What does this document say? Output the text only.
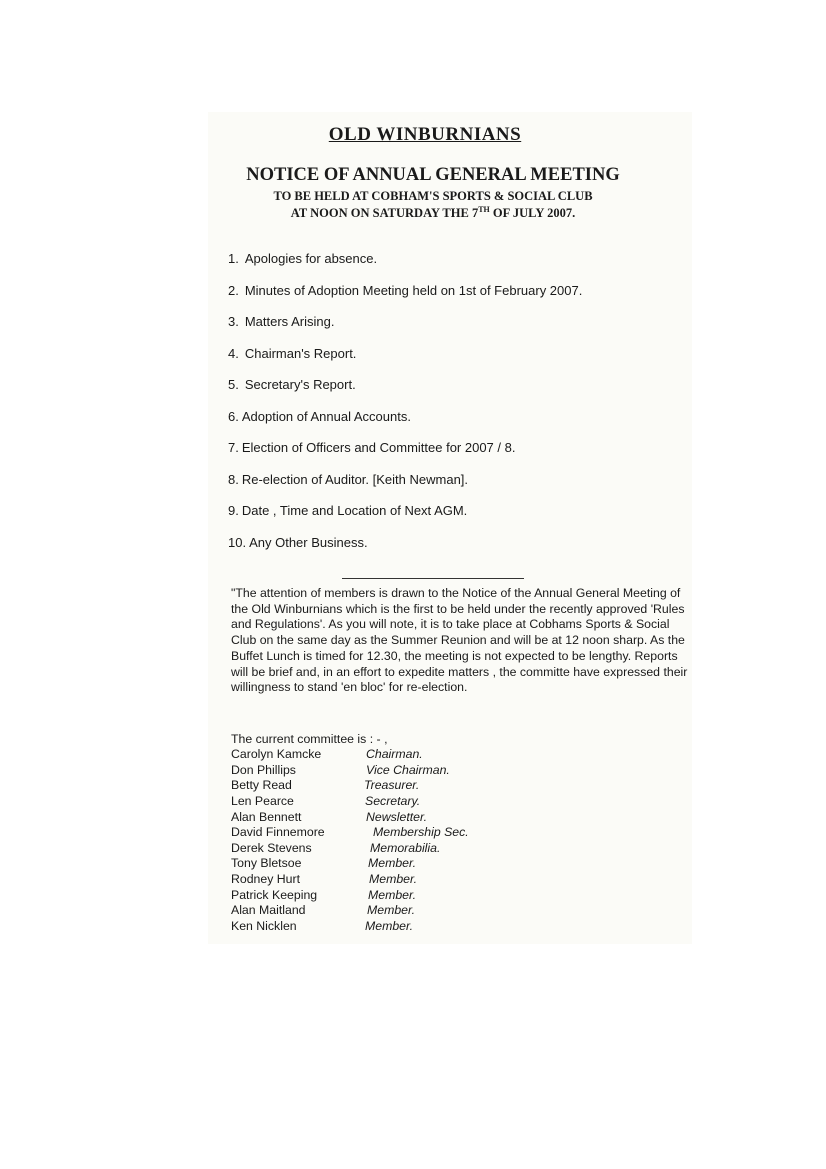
OLD WINBURNIANS
NOTICE OF ANNUAL GENERAL MEETING
TO BE HELD AT COBHAM'S SPORTS & SOCIAL CLUB
AT NOON ON SATURDAY THE 7TH OF JULY 2007.
1. Apologies for absence.
2. Minutes of Adoption Meeting held on 1st of February 2007.
3. Matters Arising.
4. Chairman's Report.
5. Secretary's Report.
6. Adoption of Annual Accounts.
7. Election of Officers and Committee for 2007 / 8.
8. Re-election of Auditor. [Keith Newman].
9. Date , Time and Location of Next AGM.
10. Any Other Business.

"The attention of members is drawn to the Notice of the Annual General Meeting of the Old Winburnians which is the first to be held under the recently approved 'Rules and Regulations'. As you will note, it is to take place at Cobhams Sports & Social Club on the same day as the Summer Reunion and will be at 12 noon sharp. As the Buffet Lunch is timed for 12.30, the meeting is not expected to be lengthy. Reports will be brief and, in an effort to expedite matters , the committe have expressed their willingness to stand 'en bloc' for re-election.

The current committee is : - ,
Carolyn Kamcke	Chairman.
Don Phillips	Vice Chairman.
Betty Read	Treasurer.
Len Pearce	Secretary.
Alan Bennett	Newsletter.
David Finnemore	Membership Sec.
Derek Stevens	Memorabilia.
Tony Bletsoe	Member.
Rodney Hurt	Member.
Patrick Keeping	Member.
Alan Maitland	Member.
Ken Nicklen	Member.
